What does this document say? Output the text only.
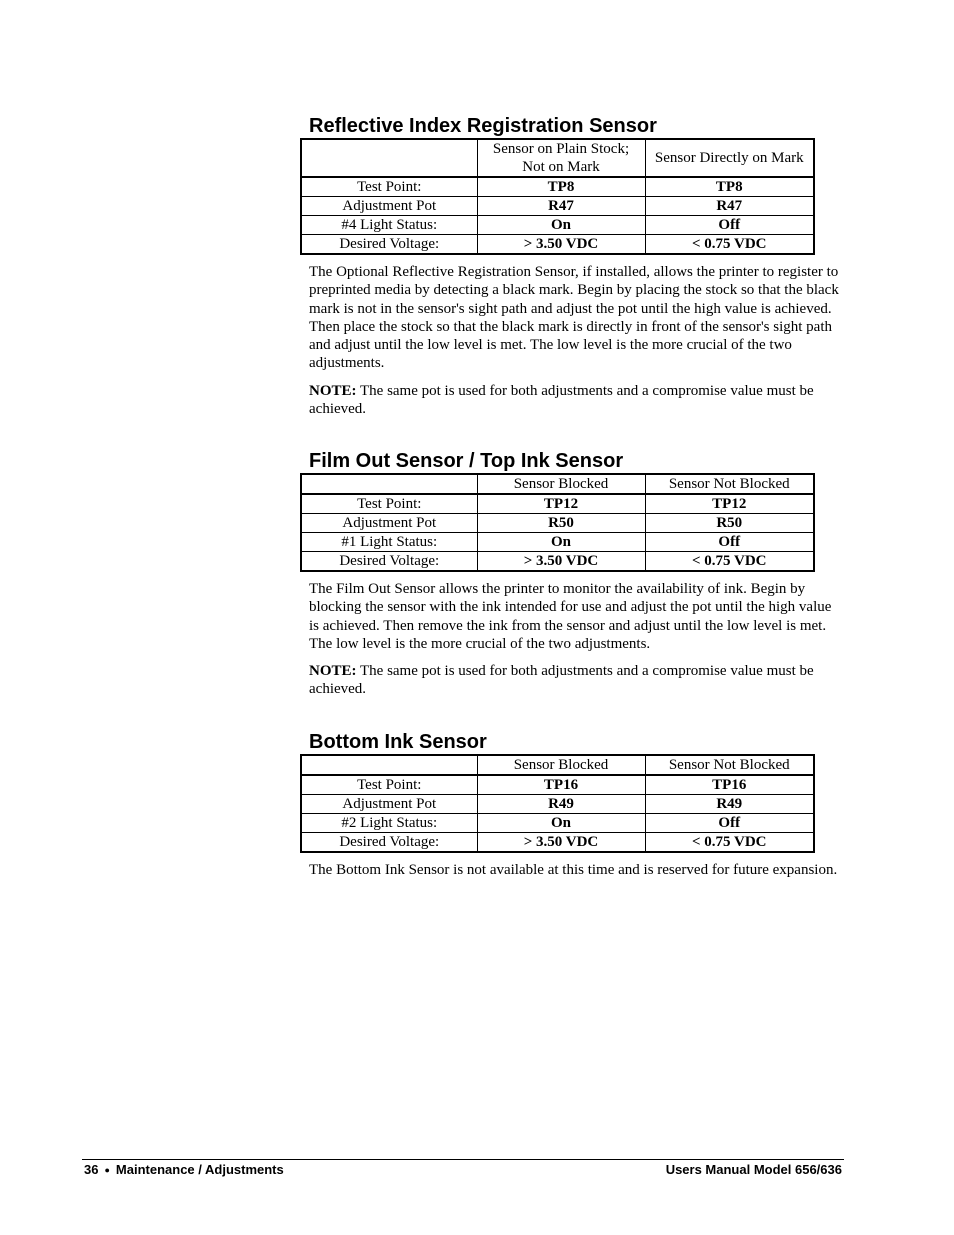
Reflective Index Registration Sensor
	Sensor on Plain Stock; Not on Mark	Sensor Directly on Mark
Test Point:	TP8	TP8
Adjustment Pot	R47	R47
#4 Light Status:	On	Off
Desired Voltage:	> 3.50 VDC	< 0.75 VDC

The Optional Reflective Registration Sensor, if installed, allows the printer to register to preprinted media by detecting a black mark. Begin by placing the stock so that the black mark is not in the sensor's sight path and adjust the pot until the high value is achieved. Then place the stock so that the black mark is directly in front of the sensor's sight path and adjust until the low level is met. The low level is the more crucial of the two adjustments.

NOTE: The same pot is used for both adjustments and a compromise value must be achieved.

Film Out Sensor / Top Ink Sensor
	Sensor Blocked	Sensor Not Blocked
Test Point:	TP12	TP12
Adjustment Pot	R50	R50
#1 Light Status:	On	Off
Desired Voltage:	> 3.50 VDC	< 0.75 VDC

The Film Out Sensor allows the printer to monitor the availability of ink. Begin by blocking the sensor with the ink intended for use and adjust the pot until the high value is achieved. Then remove the ink from the sensor and adjust until the low level is met. The low level is the more crucial of the two adjustments.

NOTE: The same pot is used for both adjustments and a compromise value must be achieved.

Bottom Ink Sensor
	Sensor Blocked	Sensor Not Blocked
Test Point:	TP16	TP16
Adjustment Pot	R49	R49
#2 Light Status:	On	Off
Desired Voltage:	> 3.50 VDC	< 0.75 VDC

The Bottom Ink Sensor is not available at this time and is reserved for future expansion.

36 ● Maintenance / Adjustments	Users Manual Model 656/636
